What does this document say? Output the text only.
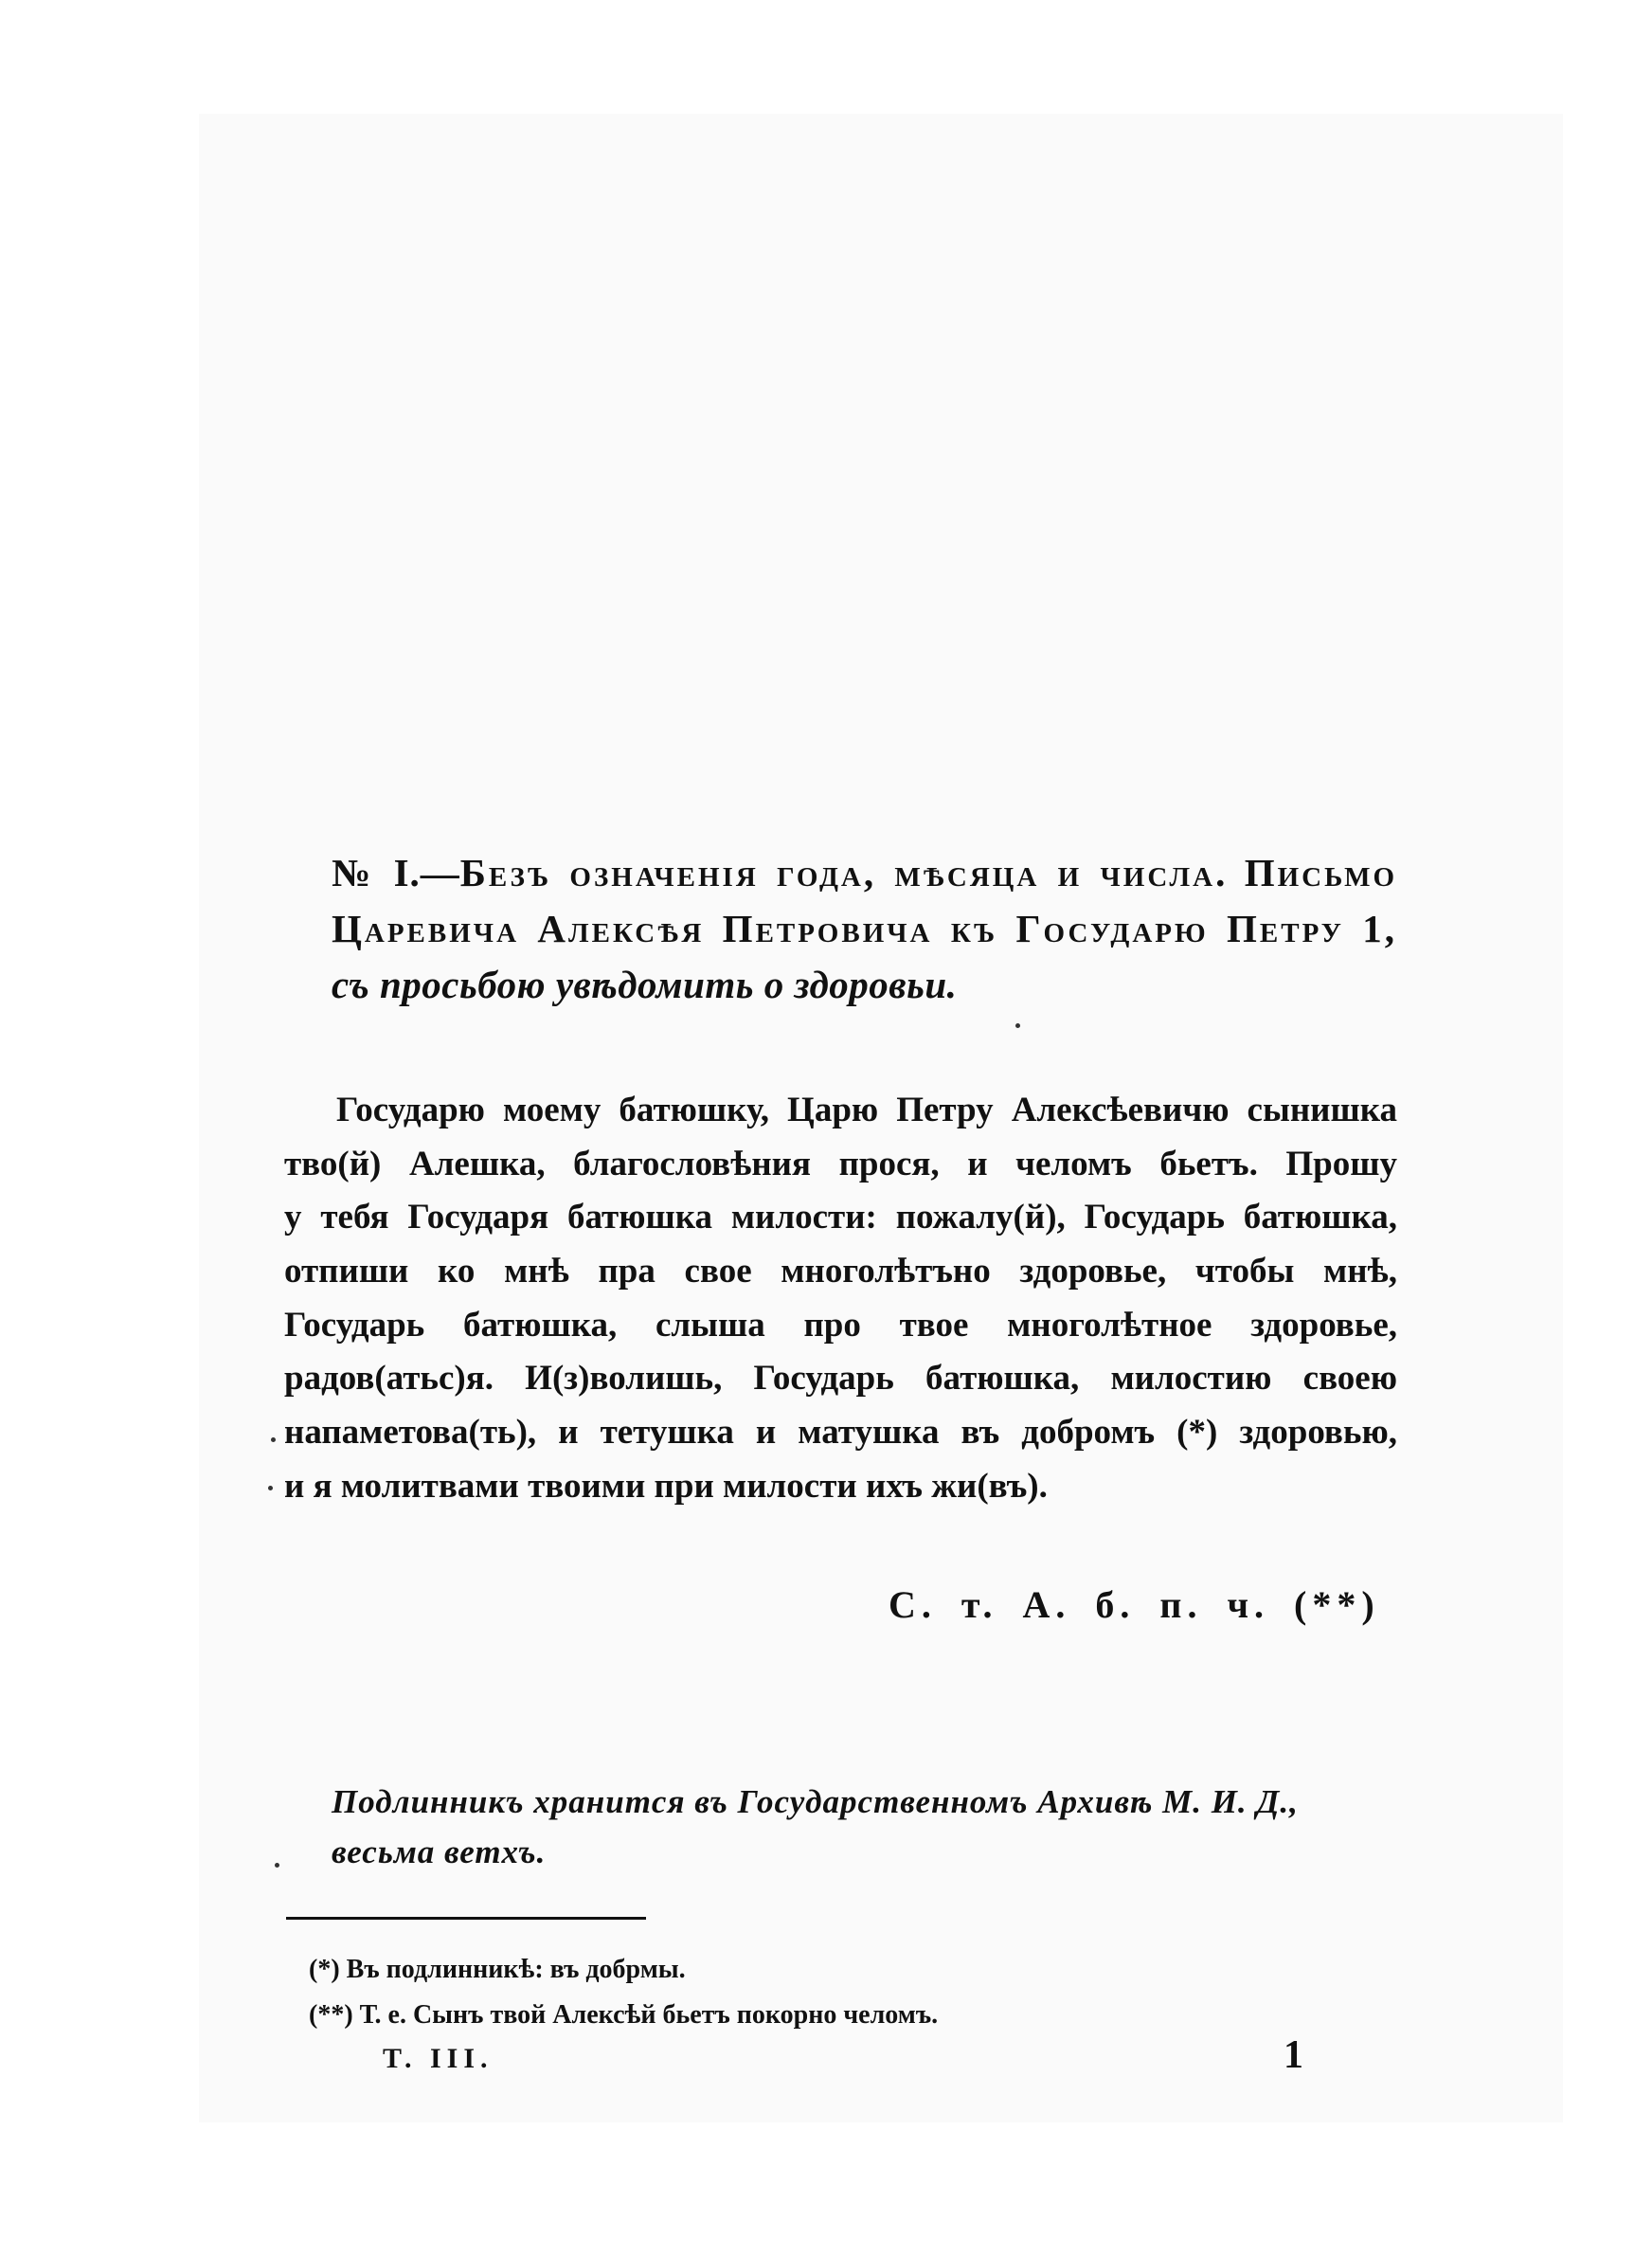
№ I.—Безъ означенія года, мѣсяца и числа. Письмо Царевича Алексѣя Петровича къ Государю Петру 1, съ просьбою увѣдомить о здоровьи.
Государю моему батюшку, Царю Петру Алексѣевичю сынишка
тво(й) Алешка, благословѣния прося, и челомъ бьетъ. Прошу
у тебя Государя батюшка милости: пожалу(й), Государь батюшка,
отпиши ко мнѣ пра свое многолѣтъно здоровье, чтобы мнѣ,
Государь батюшка, слыша про твое многолѣтное здоровье,
радов(атьс)я. И(з)волишь, Государь батюшка, милостию своею
напаметова(ть), и тетушка и матушка въ добромъ (*) здоровью,
и я молитвами твоими при милости ихъ жи(въ).
С. т. А. б. п. ч. (**)
Подлинникъ хранится въ Государственномъ Архивѣ М. И. Д., весьма ветхъ.
(*) Въ подлинникѣ: въ добрмы.
(**) Т. е. Сынъ твой Алексѣй бьетъ покорно челомъ.
Т. III.	1
